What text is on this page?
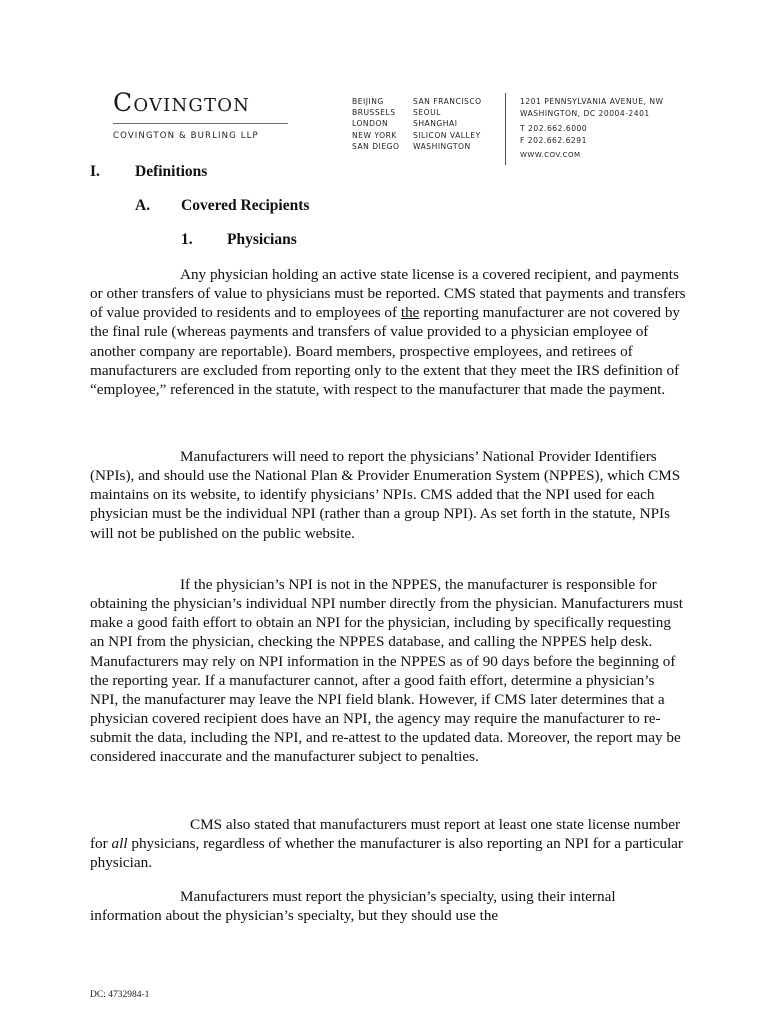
Covington
COVINGTON & BURLING LLP
BEIJING
BRUSSELS
LONDON
NEW YORK
SAN DIEGO
SAN FRANCISCO
SEOUL
SHANGHAI
SILICON VALLEY
WASHINGTON
1201 PENNSYLVANIA AVENUE, NW
WASHINGTON, DC 20004-2401
T 202.662.6000
F 202.662.6291
WWW.COV.COM
I. Definitions
A. Covered Recipients
1. Physicians
Any physician holding an active state license is a covered recipient, and payments or other transfers of value to physicians must be reported. CMS stated that payments and transfers of value provided to residents and to employees of the reporting manufacturer are not covered by the final rule (whereas payments and transfers of value provided to a physician employee of another company are reportable). Board members, prospective employees, and retirees of manufacturers are excluded from reporting only to the extent that they meet the IRS definition of “employee,” referenced in the statute, with respect to the manufacturer that made the payment.
Manufacturers will need to report the physicians’ National Provider Identifiers (NPIs), and should use the National Plan & Provider Enumeration System (NPPES), which CMS maintains on its website, to identify physicians’ NPIs. CMS added that the NPI used for each physician must be the individual NPI (rather than a group NPI). As set forth in the statute, NPIs will not be published on the public website.
If the physician’s NPI is not in the NPPES, the manufacturer is responsible for obtaining the physician’s individual NPI number directly from the physician. Manufacturers must make a good faith effort to obtain an NPI for the physician, including by specifically requesting an NPI from the physician, checking the NPPES database, and calling the NPPES help desk. Manufacturers may rely on NPI information in the NPPES as of 90 days before the beginning of the reporting year. If a manufacturer cannot, after a good faith effort, determine a physician’s NPI, the manufacturer may leave the NPI field blank. However, if CMS later determines that a physician covered recipient does have an NPI, the agency may require the manufacturer to re-submit the data, including the NPI, and re-attest to the updated data. Moreover, the report may be considered inaccurate and the manufacturer subject to penalties.
CMS also stated that manufacturers must report at least one state license number for all physicians, regardless of whether the manufacturer is also reporting an NPI for a particular physician.
Manufacturers must report the physician’s specialty, using their internal information about the physician’s specialty, but they should use the
DC: 4732984-1
